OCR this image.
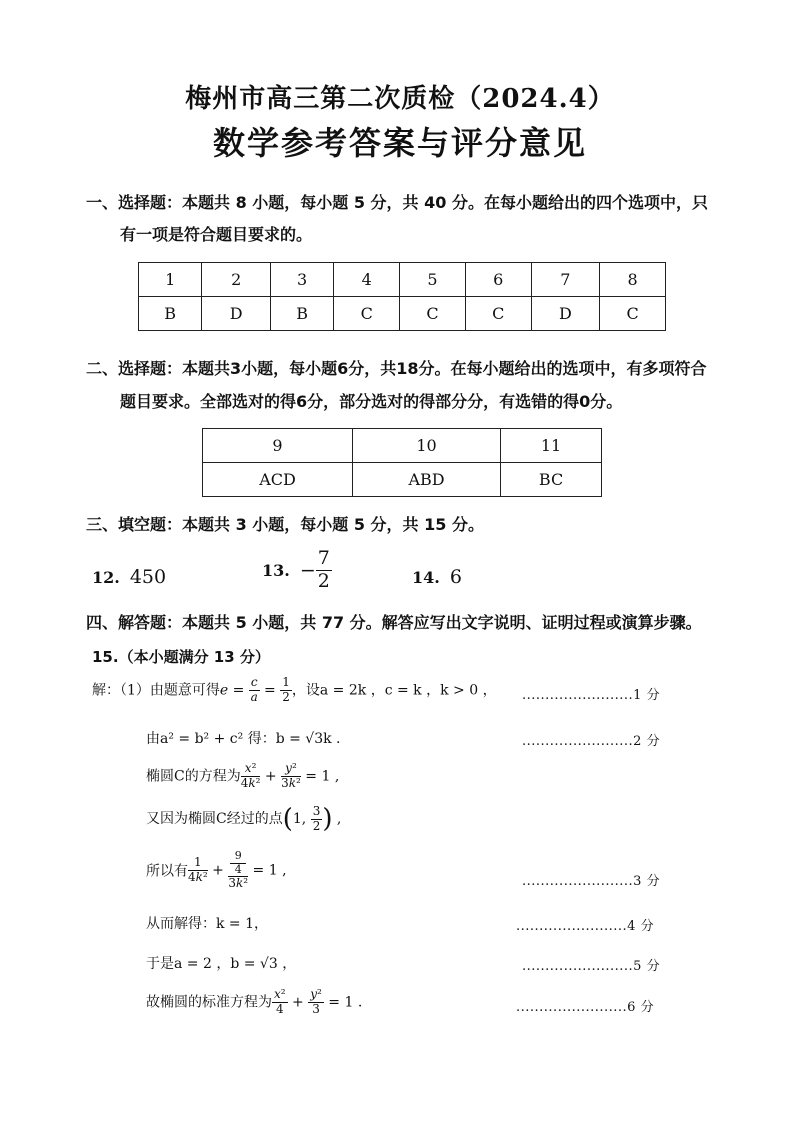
梅州市高三第二次质检（2024.4）
数学参考答案与评分意见
一、选择题：本题共 8 小题，每小题 5 分，共 40 分。在每小题给出的四个选项中，只
有一项是符合题目要求的。
1	2	3	4	5	6	7	8
B	D	B	C	C	C	D	C
二、选择题：本题共3小题，每小题6分，共18分。在每小题给出的选项中，有多项符合
题目要求。全部选对的得6分，部分选对的得部分分，有选错的得0分。
9	10	11
ACD	ABD	BC
三、填空题：本题共 3 小题，每小题 5 分，共 15 分。
12. 450	13. − $\frac{7}{2}$	14. 6
四、解答题：本题共 5 小题，共 77 分。解答应写出文字说明、证明过程或演算步骤。
15.（本小题满分 13 分）
解：（1）由题意可得$e = \frac{c}{a} = \frac{1}{2}$ ，设a = 2k ，c = k ，k > 0 ， ........................1 分
由a² = b² + c² 得：b = √3k .	........................2 分
椭圆C的方程为 $\frac{\text{x²}}{\text{4k²}} + \frac{\text{y²}}{\text{3k²}} = 1$ ,
又因为椭圆C经过的点(1, $\frac{3}{2}$ ) ,
所以有 $\frac{1}{\text{4k²}} + 9$
4
3k² = 1 ,
........................3 分
从而解得：k = 1，	........................4 分
于是a = 2 ，b = √3 ，	........................5 分
故椭圆的标准方程为 $\frac{\text{x²}}{4} + \frac{\text{y²}}{3} = 1$ .	........................6 分
